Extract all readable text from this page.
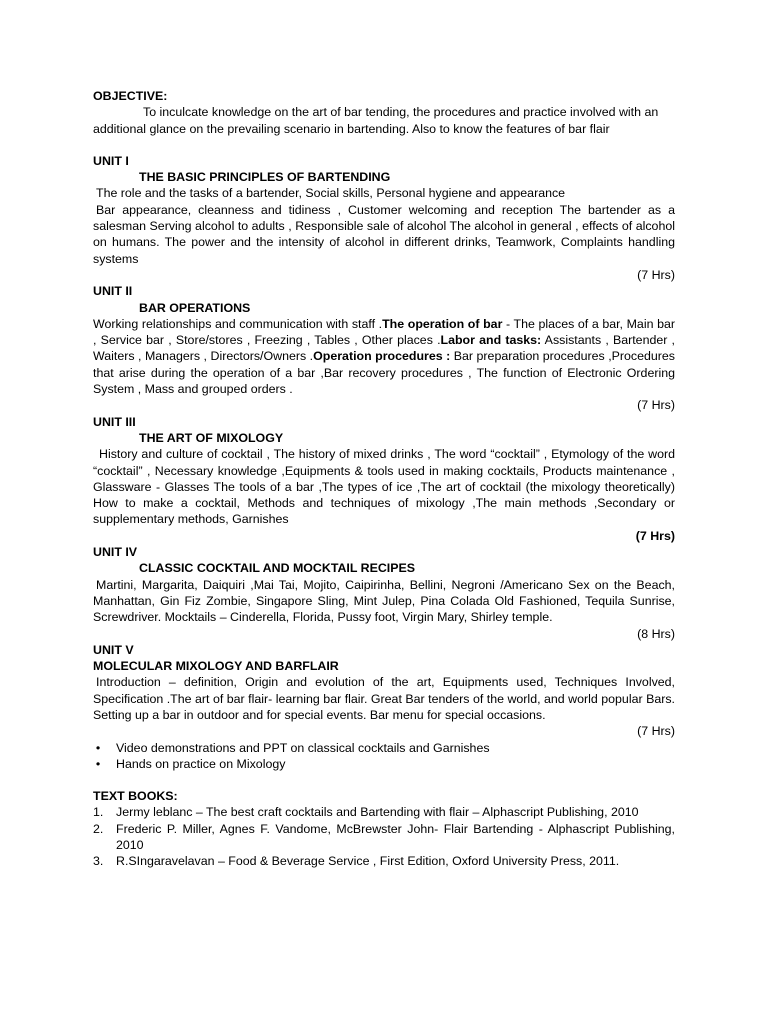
OBJECTIVE:

To inculcate knowledge on the art of bar tending, the procedures and practice involved with an additional glance on the prevailing scenario in bartending. Also to know the features of bar flair

UNIT I
THE BASIC PRINCIPLES OF BARTENDING

The role and the tasks of a bartender, Social skills, Personal hygiene and appearance

Bar appearance, cleanness and tidiness , Customer welcoming and reception The bartender as a salesman Serving alcohol to adults , Responsible sale of alcohol The alcohol in general , effects of alcohol on humans. The power and the intensity of alcohol in different drinks, Teamwork, Complaints handling systems

(7 Hrs)
UNIT II
BAR OPERATIONS

Working relationships and communication with staff .The operation of bar - The places of a bar, Main bar , Service bar , Store/stores , Freezing , Tables , Other places .Labor and tasks: Assistants , Bartender , Waiters , Managers , Directors/Owners .Operation procedures : Bar preparation procedures ,Procedures that arise during the operation of a bar ,Bar recovery procedures , The function of Electronic Ordering System , Mass and grouped orders .

(7 Hrs)
UNIT III
THE ART OF MIXOLOGY

History and culture of cocktail , The history of mixed drinks , The word “cocktail” , Etymology of the word “cocktail” , Necessary knowledge ,Equipments & tools used in making cocktails, Products maintenance , Glassware - Glasses The tools of a bar ,The types of ice ,The art of cocktail (the mixology theoretically) How to make a cocktail, Methods and techniques of mixology ,The main methods ,Secondary or supplementary methods, Garnishes

(7 Hrs)
UNIT IV
CLASSIC COCKTAIL AND MOCKTAIL RECIPES

Martini, Margarita, Daiquiri ,Mai Tai, Mojito, Caipirinha, Bellini, Negroni /Americano Sex on the Beach, Manhattan, Gin Fiz Zombie, Singapore Sling, Mint Julep, Pina Colada Old Fashioned, Tequila Sunrise, Screwdriver. Mocktails – Cinderella, Florida, Pussy foot, Virgin Mary, Shirley temple.

(8 Hrs)
UNIT V
MOLECULAR MIXOLOGY AND BARFLAIR

Introduction – definition, Origin and evolution of the art, Equipments used, Techniques Involved, Specification .The art of bar flair- learning bar flair. Great Bar tenders of the world, and world popular Bars. Setting up a bar in outdoor and for special events. Bar menu for special occasions.

(7 Hrs)
• Video demonstrations and PPT on classical cocktails and Garnishes
• Hands on practice on Mixology
TEXT BOOKS:
1. Jermy leblanc – The best craft cocktails and Bartending with flair – Alphascript Publishing, 2010
2. Frederic P. Miller, Agnes F. Vandome, McBrewster John- Flair Bartending - Alphascript Publishing, 2010
3. R.SIngaravelavan – Food & Beverage Service , First Edition, Oxford University Press, 2011.
